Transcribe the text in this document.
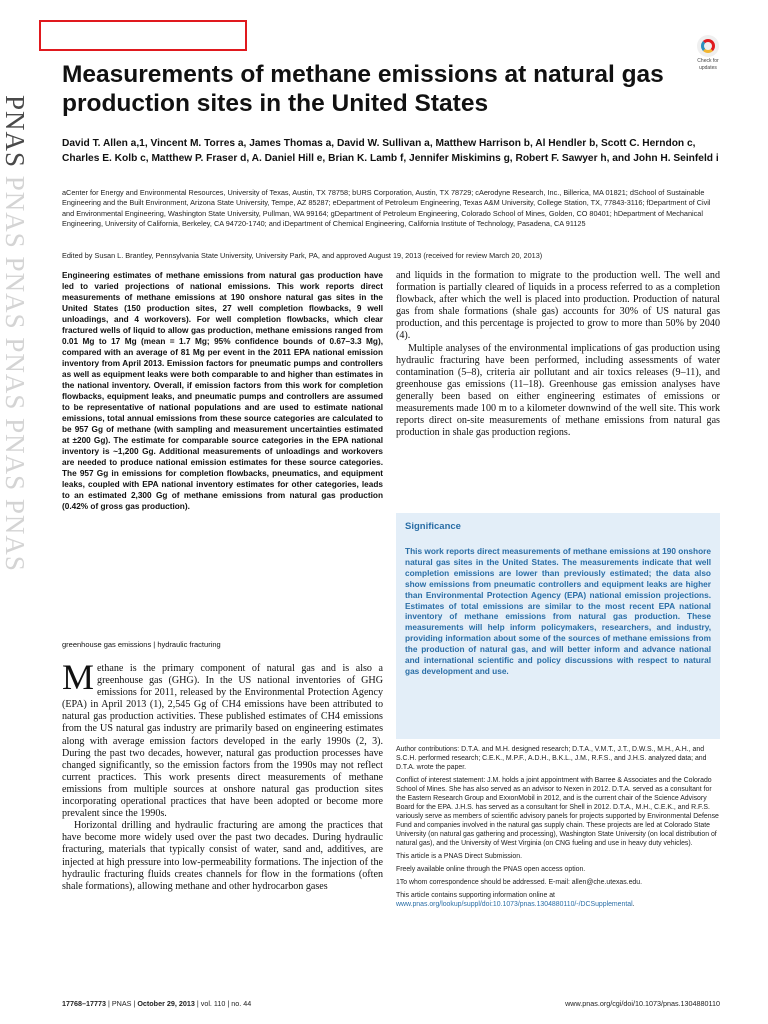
PNAS PNAS PNAS PNAS PNAS PNAS
Check for
updates
Measurements of methane emissions at natural gas production sites in the United States

David T. Allen a,1, Vincent M. Torres a, James Thomas a, David W. Sullivan a, Matthew Harrison b, Al Hendler b, Scott C. Herndon c, Charles E. Kolb c, Matthew P. Fraser d, A. Daniel Hill e, Brian K. Lamb f, Jennifer Miskimins g, Robert F. Sawyer h, and John H. Seinfeld i

aCenter for Energy and Environmental Resources, University of Texas, Austin, TX 78758; bURS Corporation, Austin, TX 78729; cAerodyne Research, Inc., Billerica, MA 01821; dSchool of Sustainable Engineering and the Built Environment, Arizona State University, Tempe, AZ 85287; eDepartment of Petroleum Engineering, Texas A&M University, College Station, TX, 77843-3116; fDepartment of Civil and Environmental Engineering, Washington State University, Pullman, WA 99164; gDepartment of Petroleum Engineering, Colorado School of Mines, Golden, CO 80401; hDepartment of Mechanical Engineering, University of California, Berkeley, CA 94720-1740; and iDepartment of Chemical Engineering, California Institute of Technology, Pasadena, CA 91125

Edited by Susan L. Brantley, Pennsylvania State University, University Park, PA, and approved August 19, 2013 (received for review March 20, 2013)

Engineering estimates of methane emissions from natural gas production have led to varied projections of national emissions. This work reports direct measurements of methane emissions at 190 onshore natural gas sites in the United States (150 production sites, 27 well completion flowbacks, 9 well unloadings, and 4 workovers). For well completion flowbacks, which clear fractured wells of liquid to allow gas production, methane emissions ranged from 0.01 Mg to 17 Mg (mean = 1.7 Mg; 95% confidence bounds of 0.67–3.3 Mg), compared with an average of 81 Mg per event in the 2011 EPA national emission inventory from April 2013. Emission factors for pneumatic pumps and controllers as well as equipment leaks were both comparable to and higher than estimates in the national inventory. Overall, if emission factors from this work for completion flowbacks, equipment leaks, and pneumatic pumps and controllers are assumed to be representative of national populations and are used to estimate national emissions, total annual emissions from these source categories are calculated to be 957 Gg of methane (with sampling and measurement uncertainties estimated at ±200 Gg). The estimate for comparable source categories in the EPA national inventory is ~1,200 Gg. Additional measurements of unloadings and workovers are needed to produce national emission estimates for these source categories. The 957 Gg in emissions for completion flowbacks, pneumatics, and equipment leaks, coupled with EPA national inventory estimates for other categories, leads to an estimated 2,300 Gg of methane emissions from natural gas production (0.42% of gross gas production).

greenhouse gas emissions | hydraulic fracturing

Methane is the primary component of natural gas and is also a greenhouse gas (GHG). In the US national inventories of GHG emissions for 2011, released by the Environmental Protection Agency (EPA) in April 2013 (1), 2,545 Gg of CH4 emissions have been attributed to natural gas production activities. These published estimates of CH4 emissions from the US natural gas industry are primarily based on engineering estimates along with average emission factors developed in the early 1990s (2, 3). During the past two decades, however, natural gas production processes have changed significantly, so the emission factors from the 1990s may not reflect current practices. This work presents direct measurements of methane emissions from multiple sources at onshore natural gas production sites incorporating operational practices that have been adopted or become more prevalent since the 1990s.

Horizontal drilling and hydraulic fracturing are among the practices that have become more widely used over the past two decades. During hydraulic fracturing, materials that typically consist of water, sand and, additives, are injected at high pressure into low-permeability formations. The injection of the hydraulic fracturing fluids creates channels for flow in the formations (often shale formations), allowing methane and other hydrocarbon gases

and liquids in the formation to migrate to the production well. The well and formation is partially cleared of liquids in a process referred to as a completion flowback, after which the well is placed into production. Production of natural gas from shale formations (shale gas) accounts for 30% of US natural gas production, and this percentage is projected to grow to more than 50% by 2040 (4).

Multiple analyses of the environmental implications of gas production using hydraulic fracturing have been performed, including assessments of water contamination (5–8), criteria air pollutant and air toxics releases (9–11), and greenhouse gas emissions (11–18). Greenhouse gas emission analyses have generally been based on either engineering estimates of emissions or measurements made 100 m to a kilometer downwind of the well site. This work reports direct on-site measurements of methane emissions from natural gas production in shale gas production regions.

Significance

This work reports direct measurements of methane emissions at 190 onshore natural gas sites in the United States. The measurements indicate that well completion emissions are lower than previously estimated; the data also show emissions from pneumatic controllers and equipment leaks are higher than Environmental Protection Agency (EPA) national emission projections. Estimates of total emissions are similar to the most recent EPA national inventory of methane emissions from natural gas production. These measurements will help inform policymakers, researchers, and industry, providing information about some of the sources of methane emissions from the production of natural gas, and will better inform and advance national and international scientific and policy discussions with respect to natural gas development and use.

Author contributions: D.T.A. and M.H. designed research; D.T.A., V.M.T., J.T., D.W.S., M.H., A.H., and S.C.H. performed research; C.E.K., M.P.F., A.D.H., B.K.L., J.M., R.F.S., and J.H.S. analyzed data; and D.T.A. wrote the paper.

Conflict of interest statement: J.M. holds a joint appointment with Barree & Associates and the Colorado School of Mines. She has also served as an advisor to Nexen in 2012. D.T.A. served as a consultant for the Eastern Research Group and ExxonMobil in 2012, and is the current chair of the Science Advisory Board for the EPA. J.H.S. has served as a consultant for Shell in 2012. D.T.A., M.H., C.E.K., and R.F.S. variously serve as members of scientific advisory panels for projects supported by Environmental Defense Fund and companies involved in the natural gas supply chain. These projects are led at Colorado State University (on natural gas gathering and processing), Washington State University (on local distribution of natural gas), and the University of West Virginia (on CNG fueling and use in heavy duty vehicles).

This article is a PNAS Direct Submission.

Freely available online through the PNAS open access option.

1To whom correspondence should be addressed. E-mail: allen@che.utexas.edu.

This article contains supporting information online at www.pnas.org/lookup/suppl/doi:10.1073/pnas.1304880110/-/DCSupplemental.

17768–17773 | PNAS | October 29, 2013 | vol. 110 | no. 44	www.pnas.org/cgi/doi/10.1073/pnas.1304880110
